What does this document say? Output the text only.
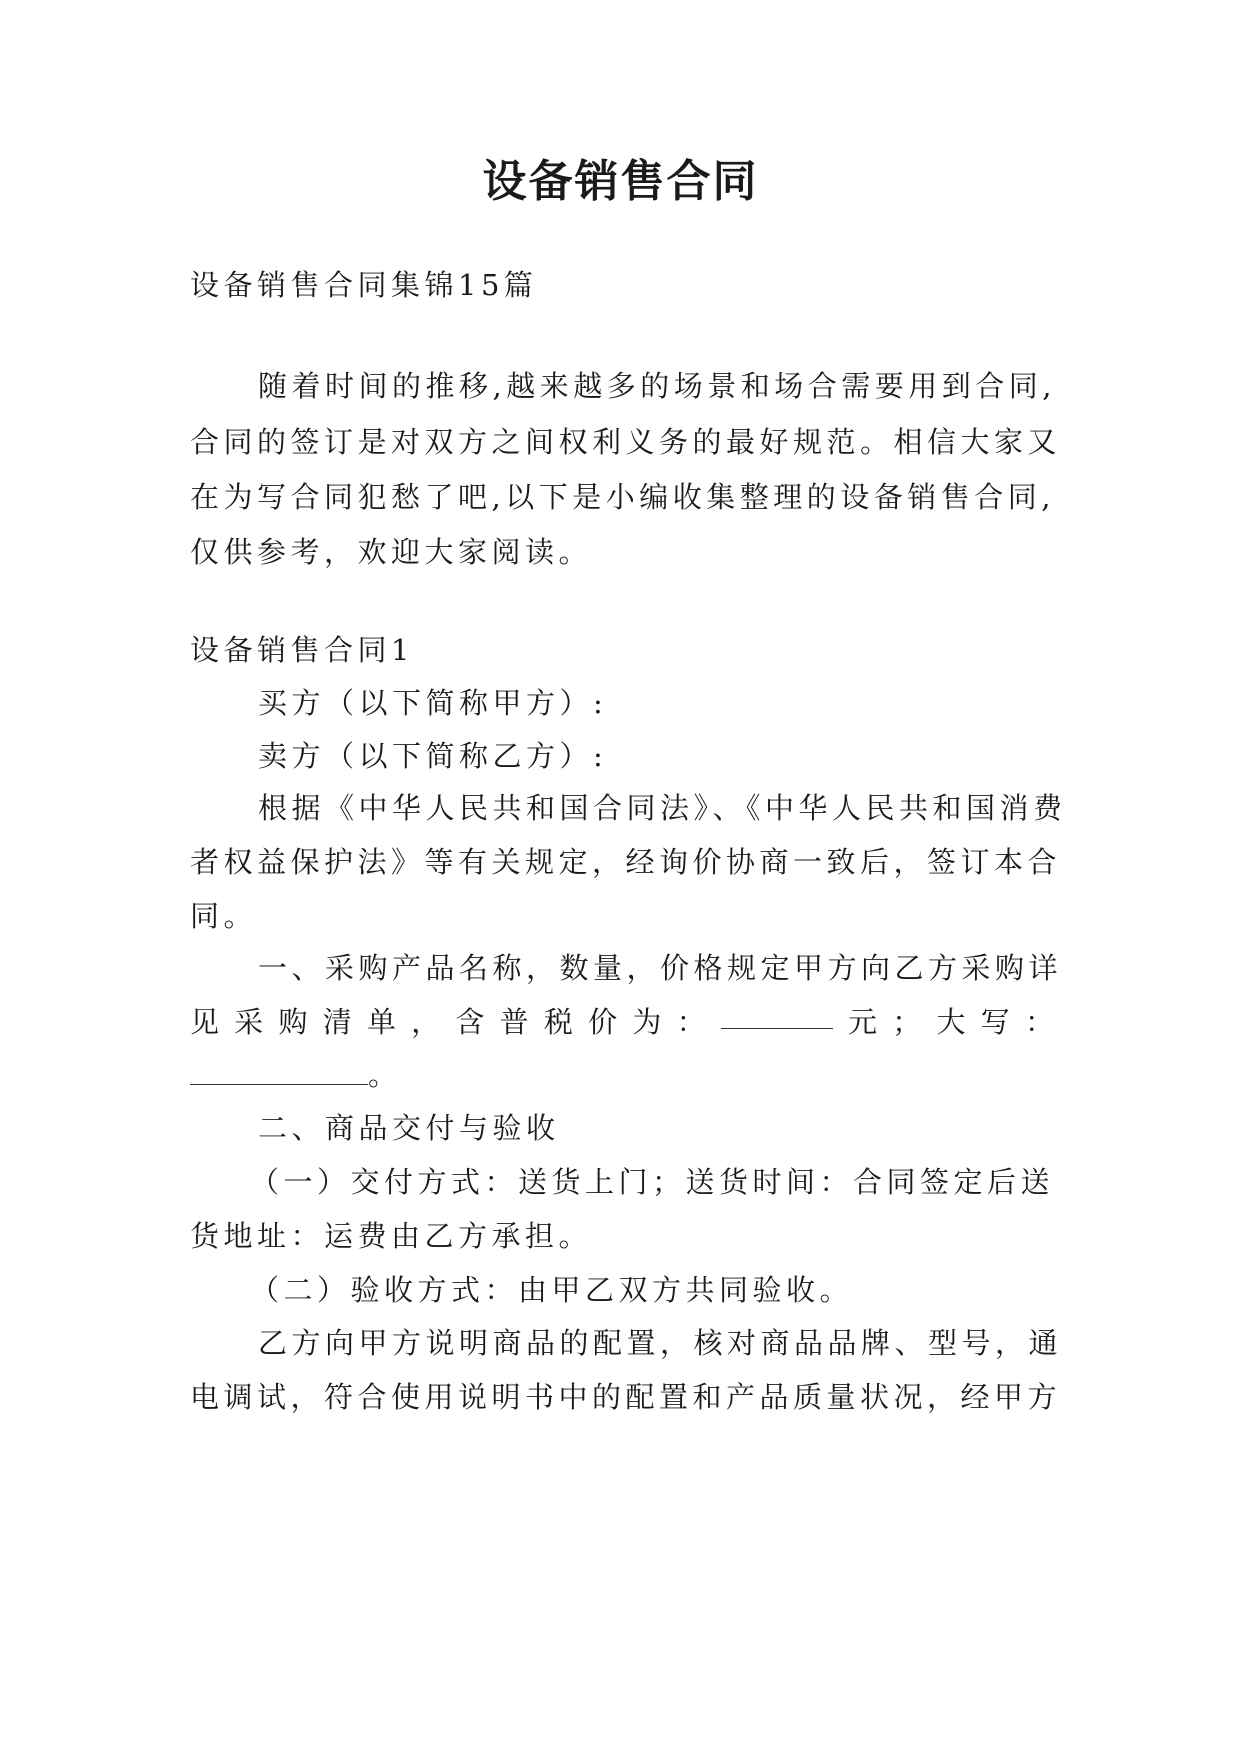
设备销售合同
设备销售合同集锦15篇
随着时间的推移,越来越多的场景和场合需要用到合同,
合同的签订是对双方之间权利义务的最好规范。相信大家又
在为写合同犯愁了吧,以下是小编收集整理的设备销售合同,
仅供参考，欢迎大家阅读。
设备销售合同1
买方（以下简称甲方）:
卖方（以下简称乙方）:
根据《中华人民共和国合同法》、《中华人民共和国消费
者权益保护法》等有关规定，经询价协商一致后，签订本合
同。
一、采购产品名称，数量，价格规定甲方向乙方采购详
见 采 购 清 单 ， 含 普 税 价 为 ：	元 ； 大 写 ：
。
二、商品交付与验收
（一）交付方式：送货上门；送货时间：合同签定后送
货地址：运费由乙方承担。
（二）验收方式：由甲乙双方共同验收。
乙方向甲方说明商品的配置，核对商品品牌、型号，通
电调试，符合使用说明书中的配置和产品质量状况，经甲方
